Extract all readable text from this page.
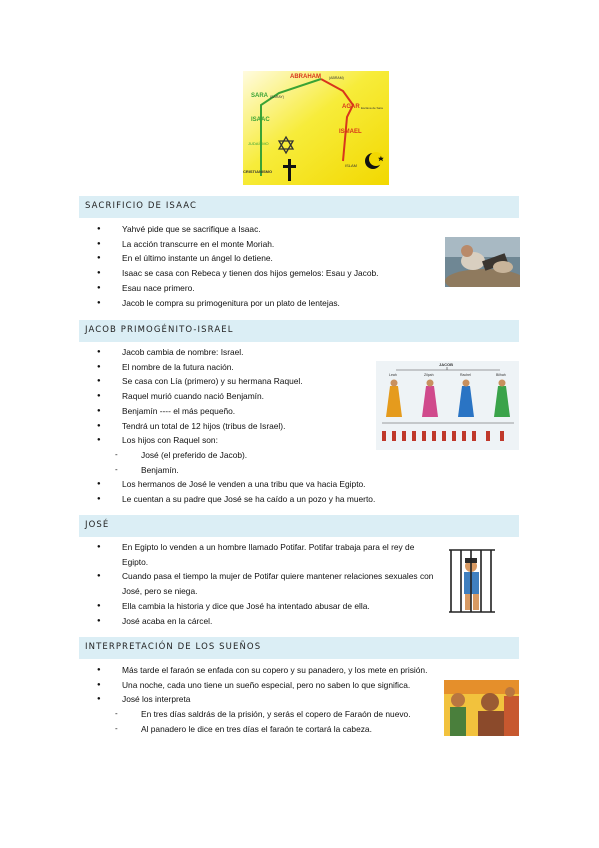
ABRAHAM (ABRAM)
SARA (SARAY)
AGAR Esclava de Sara
ISAAC
ISMAEL
JUDAÍSMO
CRISTIANISMO
ISLAM
SACRIFICIO DE ISAAC
● Yahvé pide que se sacrifique a Isaac.
● La acción transcurre en el monte Moriah.
● En el último instante un ángel lo detiene.
● Isaac se casa con Rebeca y tienen dos hijos gemelos: Esau y Jacob.
● Esau nace primero.
● Jacob le compra su primogenitura por un plato de lentejas.
JACOB PRIMOGÉNITO-ISRAEL
● Jacob cambia de nombre: Israel.
● El nombre de la futura nación.
● Se casa con Lía (primero) y su hermana Raquel.
● Raquel murió cuando nació Benjamín.
● Benjamín ---- el más pequeño.
● Tendrá un total de 12 hijos (tribus de Israel).
● Los hijos con Raquel son:
- José (el preferido de Jacob).
- Benjamín.
● Los hermanos de José le venden a una tribu que va hacia Egipto.
● Le cuentan a su padre que José se ha caído a un pozo y ha muerto.
JACOB
Leah	Zilpah	Rachel	Bilhah
JOSÉ
● En Egipto lo venden a un hombre llamado Potifar. Potifar trabaja para el rey de Egipto.
● Cuando pasa el tiempo la mujer de Potifar quiere mantener relaciones sexuales con José, pero se niega.
● Ella cambia la historia y dice que José ha intentado abusar de ella.
● José acaba en la cárcel.
INTERPRETACIÓN DE LOS SUEÑOS
● Más tarde el faraón se enfada con su copero y su panadero, y los mete en prisión.
● Una noche, cada uno tiene un sueño especial, pero no saben lo que significa.
● José los interpreta
- En tres días saldrás de la prisión, y serás el copero de Faraón de nuevo.
- Al panadero le dice en tres días el faraón te cortará la cabeza.
